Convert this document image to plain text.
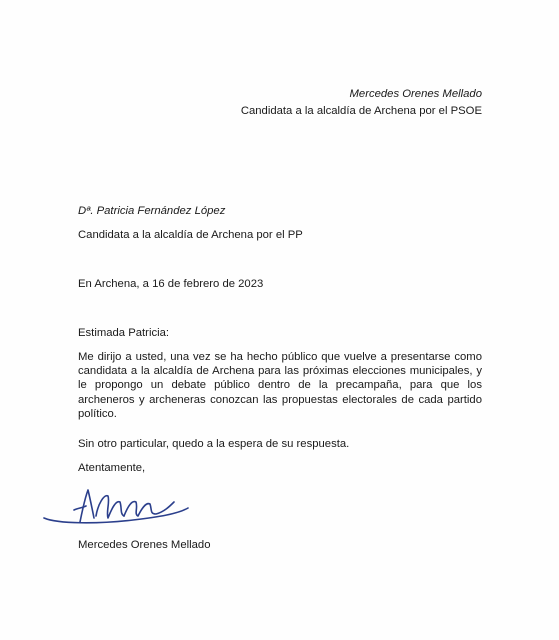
Mercedes Orenes Mellado
Candidata a la alcaldía de Archena por el PSOE
Dª. Patricia Fernández López
Candidata a la alcaldía de Archena por el PP
En Archena, a 16 de febrero de 2023
Estimada Patricia:
Me dirijo a usted, una vez se ha hecho público que vuelve a presentarse como candidata a la alcaldía de Archena para las próximas elecciones municipales, y le propongo un debate público dentro de la precampaña, para que los archeneros y archeneras conozcan las propuestas electorales de cada partido político.
Sin otro particular, quedo a la espera de su respuesta.
Atentamente,
Mercedes Orenes Mellado
